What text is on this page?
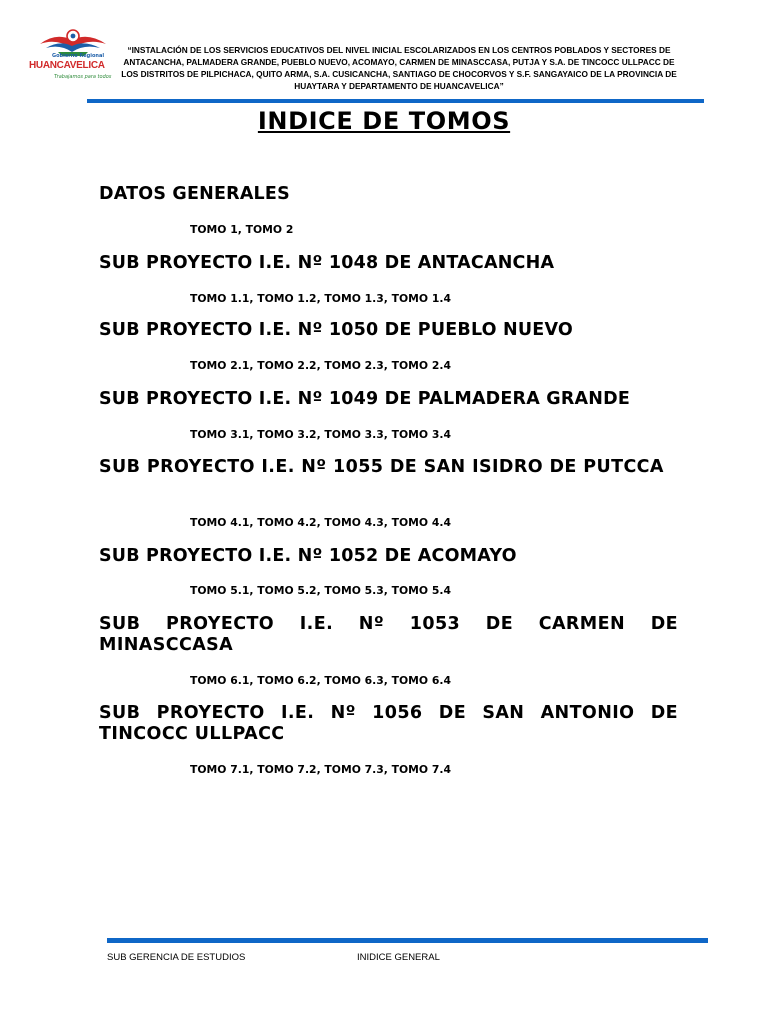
Gobierno Regional
HUANCAVELICA
Trabajamos para todos
“INSTALACIÓN DE LOS SERVICIOS EDUCATIVOS DEL NIVEL INICIAL ESCOLARIZADOS EN LOS CENTROS POBLADOS Y SECTORES DE ANTACANCHA, PALMADERA GRANDE, PUEBLO NUEVO, ACOMAYO, CARMEN DE MINASCCASA, PUTJA Y S.A. DE TINCOCC ULLPACC DE LOS DISTRITOS DE PILPICHACA, QUITO ARMA, S.A. CUSICANCHA, SANTIAGO DE CHOCORVOS Y S.F. SANGAYAICO DE LA PROVINCIA DE HUAYTARA Y DEPARTAMENTO DE HUANCAVELICA”
INDICE DE TOMOS
DATOS GENERALES
TOMO 1, TOMO 2
SUB PROYECTO I.E. Nº 1048 DE ANTACANCHA
TOMO 1.1, TOMO 1.2, TOMO 1.3, TOMO 1.4
SUB PROYECTO I.E. Nº 1050 DE PUEBLO NUEVO
TOMO 2.1, TOMO 2.2, TOMO 2.3, TOMO 2.4
SUB PROYECTO I.E. Nº 1049 DE PALMADERA GRANDE
TOMO 3.1, TOMO 3.2, TOMO 3.3, TOMO 3.4
SUB PROYECTO I.E. Nº 1055 DE SAN ISIDRO DE PUTCCA
TOMO 4.1, TOMO 4.2, TOMO 4.3, TOMO 4.4
SUB PROYECTO I.E. Nº 1052 DE ACOMAYO
TOMO 5.1, TOMO 5.2, TOMO 5.3, TOMO 5.4
SUB PROYECTO I.E. Nº 1053 DE CARMEN DE MINASCCASA
TOMO 6.1, TOMO 6.2, TOMO 6.3, TOMO 6.4
SUB PROYECTO I.E. Nº 1056 DE SAN ANTONIO DE TINCOCC ULLPACC
TOMO 7.1, TOMO 7.2, TOMO 7.3, TOMO 7.4
SUB GERENCIA DE ESTUDIOS	INIDICE GENERAL
